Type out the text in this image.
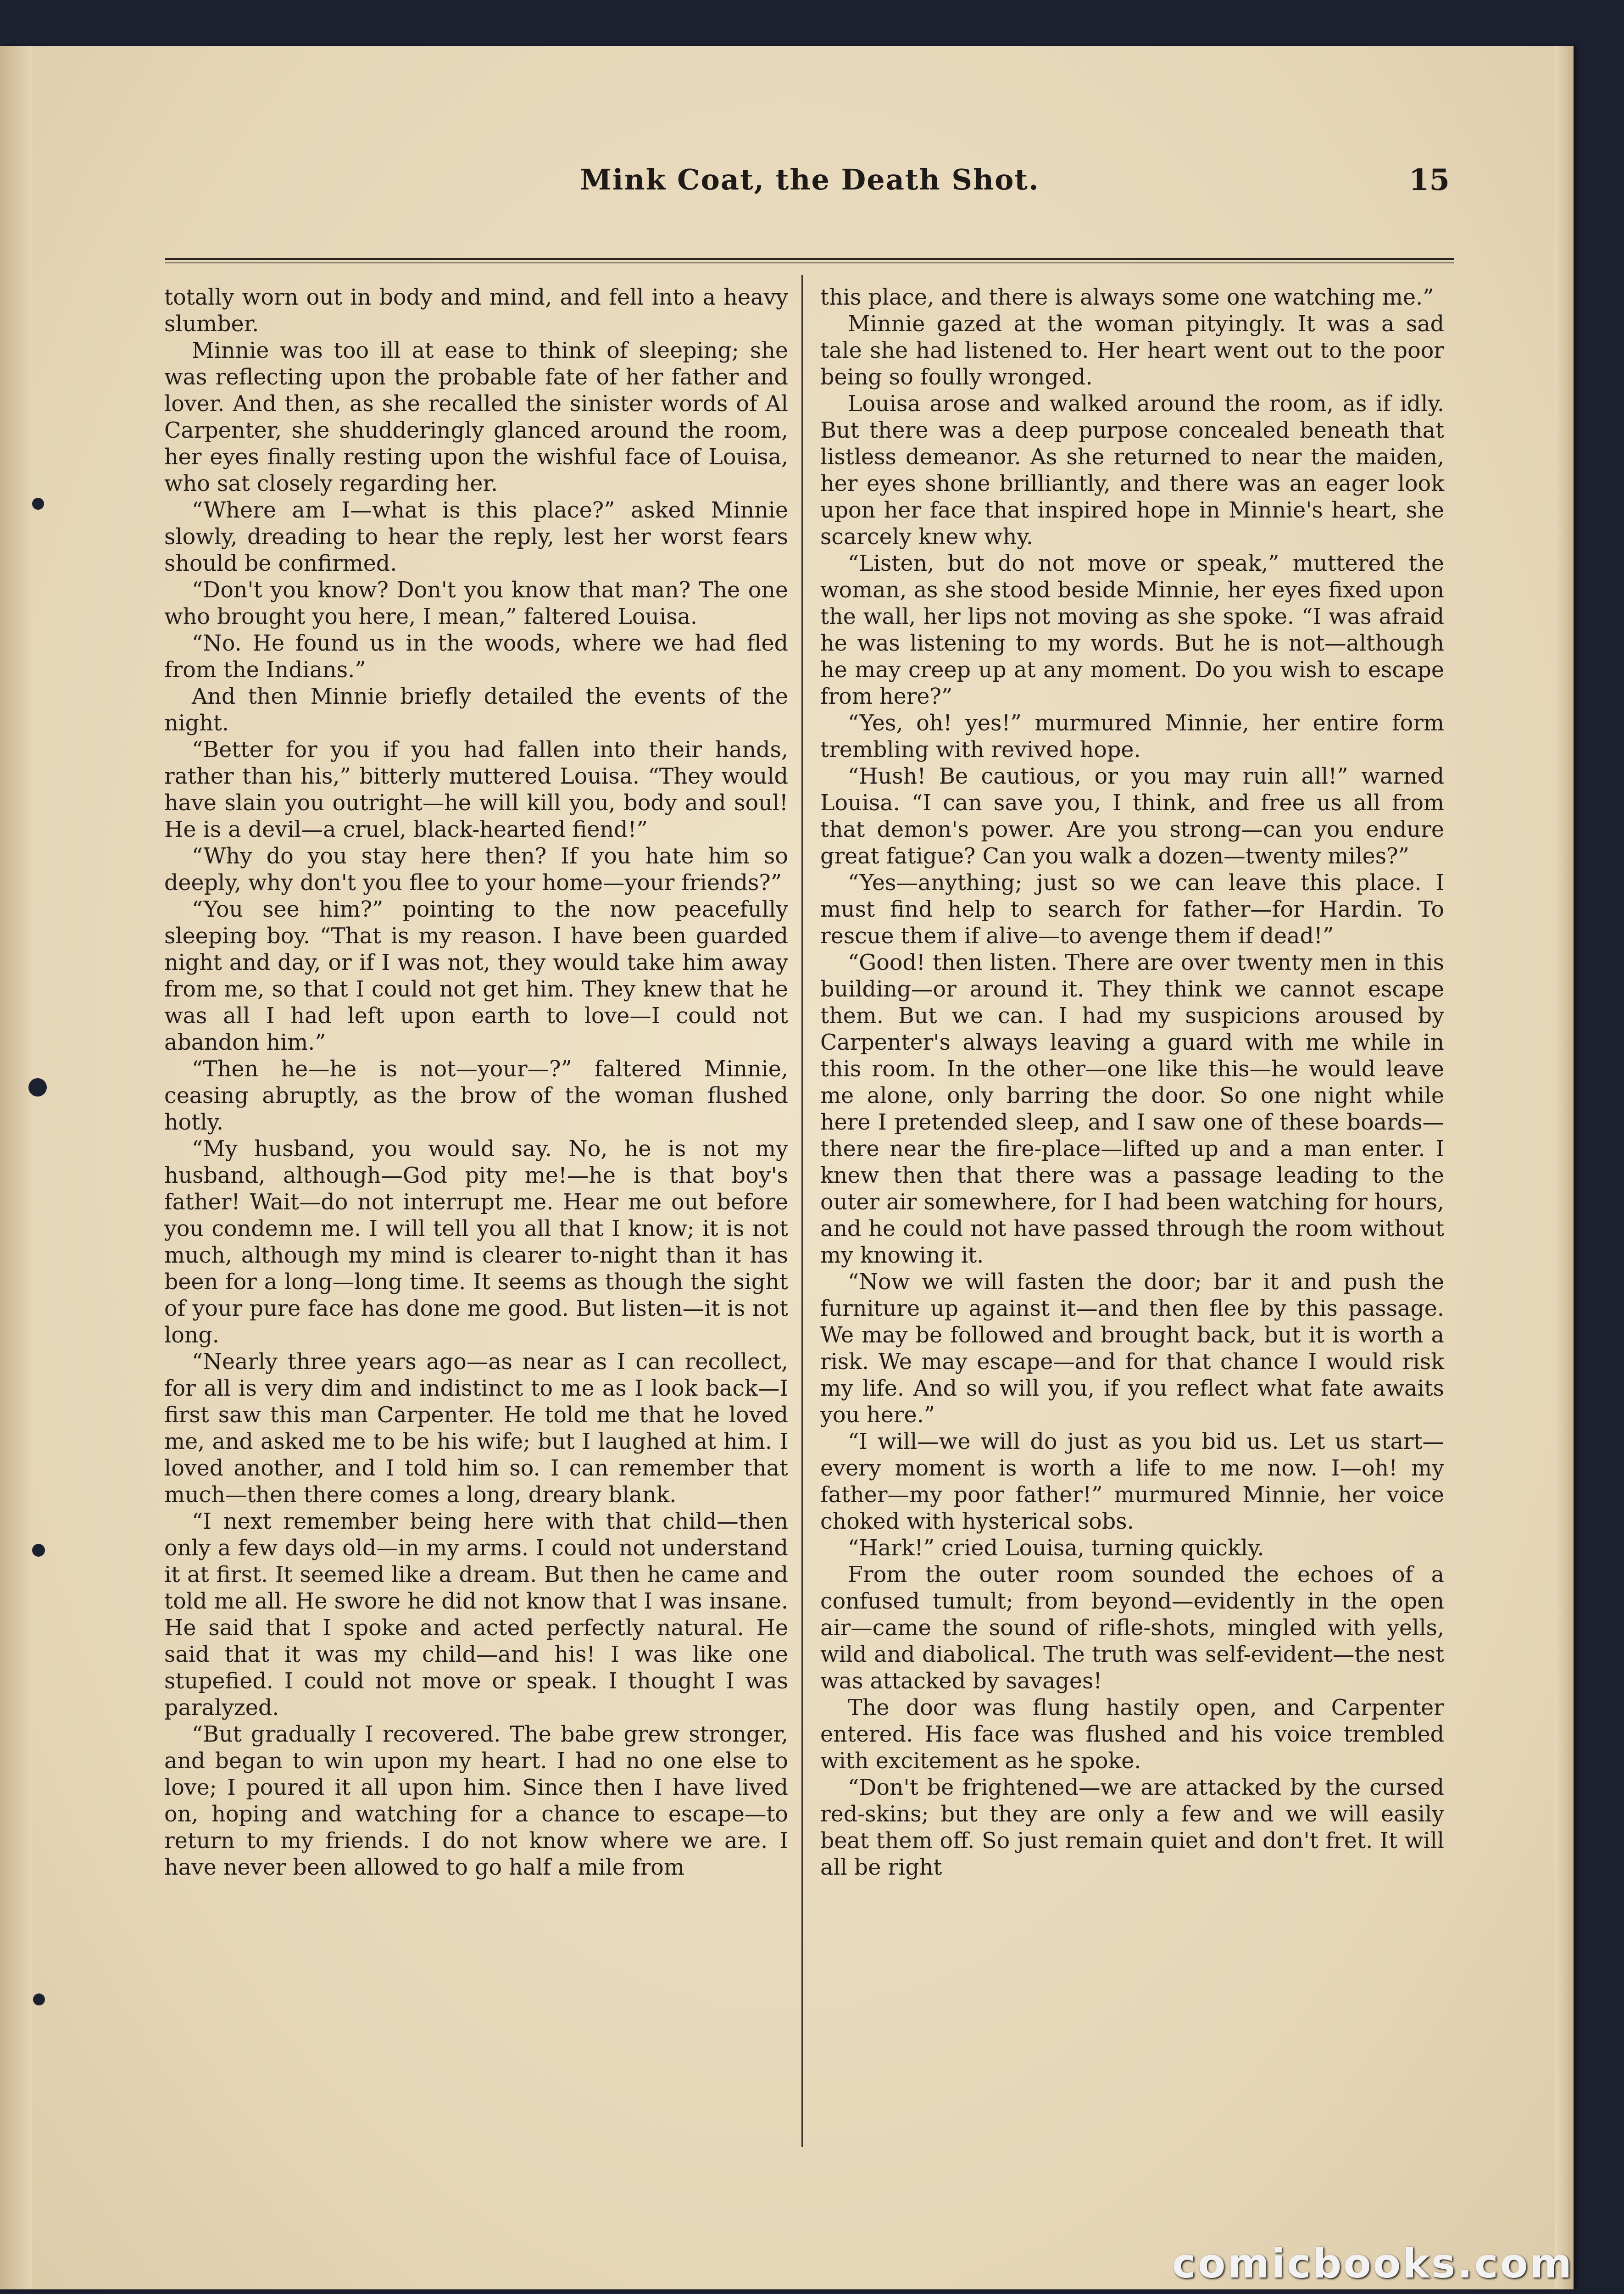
Mink Coat, the Death Shot.	15

totally worn out in body and mind, and fell into a heavy slumber.

Minnie was too ill at ease to think of sleeping; she was reflecting upon the probable fate of her father and lover. And then, as she recalled the sinister words of Al Carpenter, she shudderingly glanced around the room, her eyes finally resting upon the wishful face of Louisa, who sat closely regarding her.

“Where am I—what is this place?” asked Minnie slowly, dreading to hear the reply, lest her worst fears should be confirmed.

“Don't you know? Don't you know that man? The one who brought you here, I mean,” faltered Louisa.

“No. He found us in the woods, where we had fled from the Indians.”

And then Minnie briefly detailed the events of the night.

“Better for you if you had fallen into their hands, rather than his,” bitterly muttered Louisa. “They would have slain you outright—he will kill you, body and soul! He is a devil—a cruel, black-hearted fiend!”

“Why do you stay here then? If you hate him so deeply, why don't you flee to your home—your friends?”

“You see him?” pointing to the now peacefully sleeping boy. “That is my reason. I have been guarded night and day, or if I was not, they would take him away from me, so that I could not get him. They knew that he was all I had left upon earth to love—I could not abandon him.”

“Then he—he is not—your—?” faltered Minnie, ceasing abruptly, as the brow of the woman flushed hotly.

“My husband, you would say. No, he is not my husband, although—God pity me!—he is that boy's father! Wait—do not interrupt me. Hear me out before you condemn me. I will tell you all that I know; it is not much, although my mind is clearer to-night than it has been for a long—long time. It seems as though the sight of your pure face has done me good. But listen—it is not long.

“Nearly three years ago—as near as I can recollect, for all is very dim and indistinct to me as I look back—I first saw this man Carpenter. He told me that he loved me, and asked me to be his wife; but I laughed at him. I loved another, and I told him so. I can remember that much—then there comes a long, dreary blank.

“I next remember being here with that child—then only a few days old—in my arms. I could not understand it at first. It seemed like a dream. But then he came and told me all. He swore he did not know that I was insane. He said that I spoke and acted perfectly natural. He said that it was my child—and his! I was like one stupefied. I could not move or speak. I thought I was paralyzed.

“But gradually I recovered. The babe grew stronger, and began to win upon my heart. I had no one else to love; I poured it all upon him. Since then I have lived on, hoping and watching for a chance to escape—to return to my friends. I do not know where we are. I have never been allowed to go half a mile from

this place, and there is always some one watching me.”

Minnie gazed at the woman pityingly. It was a sad tale she had listened to. Her heart went out to the poor being so foully wronged.

Louisa arose and walked around the room, as if idly. But there was a deep purpose concealed beneath that listless demeanor. As she returned to near the maiden, her eyes shone brilliantly, and there was an eager look upon her face that inspired hope in Minnie's heart, she scarcely knew why.

“Listen, but do not move or speak,” muttered the woman, as she stood beside Minnie, her eyes fixed upon the wall, her lips not moving as she spoke. “I was afraid he was listening to my words. But he is not—although he may creep up at any moment. Do you wish to escape from here?”

“Yes, oh! yes!” murmured Minnie, her entire form trembling with revived hope.

“Hush! Be cautious, or you may ruin all!” warned Louisa. “I can save you, I think, and free us all from that demon's power. Are you strong—can you endure great fatigue? Can you walk a dozen—twenty miles?”

“Yes—anything; just so we can leave this place. I must find help to search for father—for Hardin. To rescue them if alive—to avenge them if dead!”

“Good! then listen. There are over twenty men in this building—or around it. They think we cannot escape them. But we can. I had my suspicions aroused by Carpenter's always leaving a guard with me while in this room. In the other—one like this—he would leave me alone, only barring the door. So one night while here I pretended sleep, and I saw one of these boards—there near the fire-place—lifted up and a man enter. I knew then that there was a passage leading to the outer air somewhere, for I had been watching for hours, and he could not have passed through the room without my knowing it.

“Now we will fasten the door; bar it and push the furniture up against it—and then flee by this passage. We may be followed and brought back, but it is worth a risk. We may escape—and for that chance I would risk my life. And so will you, if you reflect what fate awaits you here.”

“I will—we will do just as you bid us. Let us start—every moment is worth a life to me now. I—oh! my father—my poor father!” murmured Minnie, her voice choked with hysterical sobs.

“Hark!” cried Louisa, turning quickly.

From the outer room sounded the echoes of a confused tumult; from beyond—evidently in the open air—came the sound of rifle-shots, mingled with yells, wild and diabolical. The truth was self-evident—the nest was attacked by savages!

The door was flung hastily open, and Carpenter entered. His face was flushed and his voice trembled with excitement as he spoke.

“Don't be frightened—we are attacked by the cursed red-skins; but they are only a few and we will easily beat them off. So just remain quiet and don't fret. It will all be right

comicbooks.com
